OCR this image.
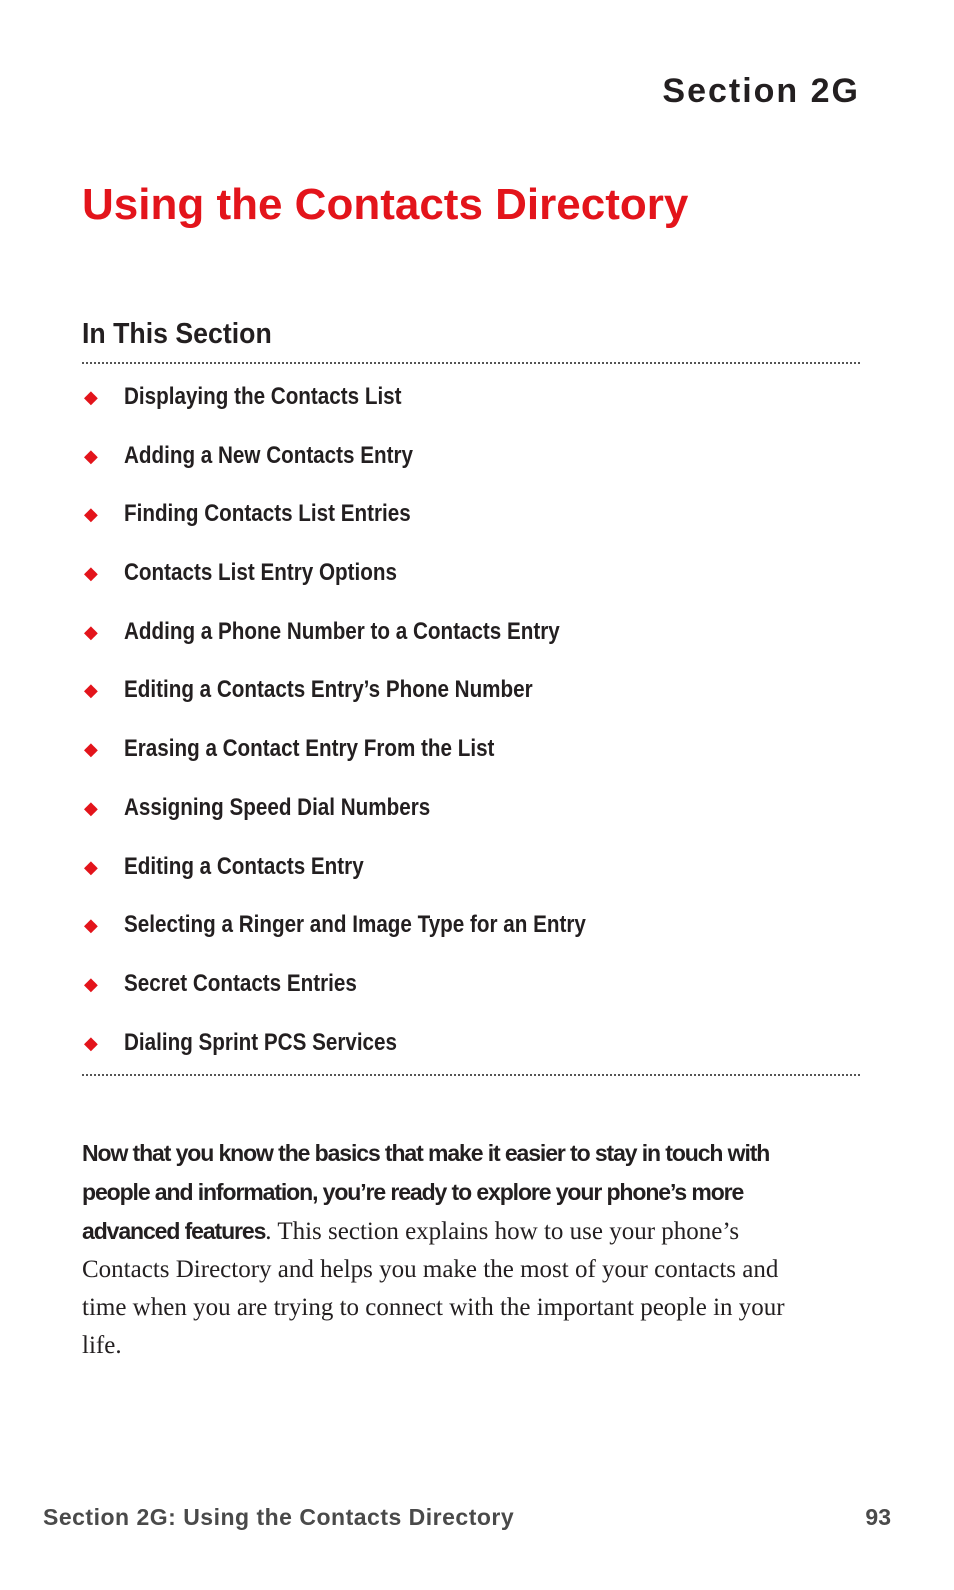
Section 2G
Using the Contacts Directory
In This Section
◆	Displaying the Contacts List
◆	Adding a New Contacts Entry
◆	Finding Contacts List Entries
◆	Contacts List Entry Options
◆	Adding a Phone Number to a Contacts Entry
◆	Editing a Contacts Entry’s Phone Number
◆	Erasing a Contact Entry From the List
◆	Assigning Speed Dial Numbers
◆	Editing a Contacts Entry
◆	Selecting a Ringer and Image Type for an Entry
◆	Secret Contacts Entries
◆	Dialing Sprint PCS Services

Now that you know the basics that make it easier to stay in touch with people and information, you’re ready to explore your phone’s more advanced features. This section explains how to use your phone’s Contacts Directory and helps you make the most of your contacts and time when you are trying to connect with the important people in your life.

Section 2G: Using the Contacts Directory	93
